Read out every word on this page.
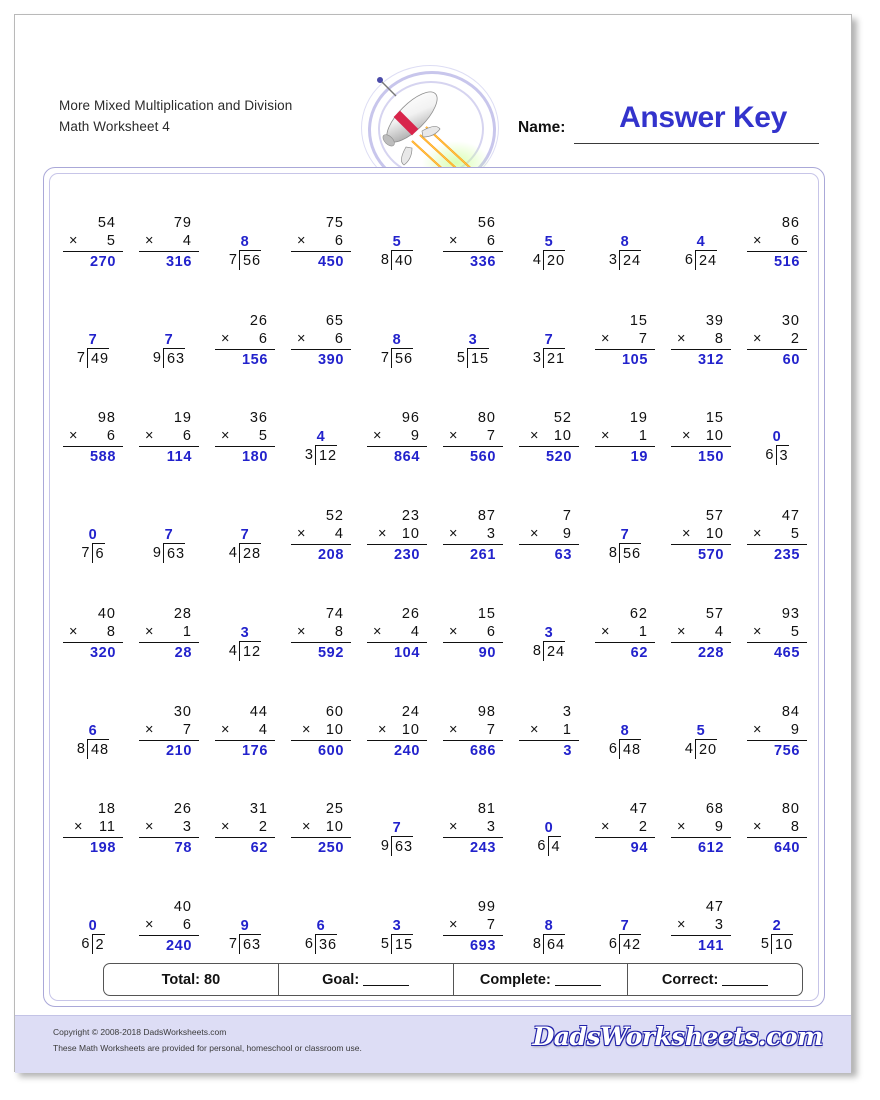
More Mixed Multiplication and Division
Math Worksheet 4	Name:	Answer Key
54
× 5
270
79
× 4
316
8
7 56
75
× 6
450
5
8 40
56
× 6
336
5
4 20
8
3 24
4
6 24
86
× 6
516
7
7 49
7
9 63
26
× 6
156
65
× 6
390
8
7 56
3
5 15
7
3 21
15
× 7
105
39
× 8
312
30
× 2
60
98
× 6
588
19
× 6
114
36
× 5
180
4
3 12
96
× 9
864
80
× 7
560
52
× 10
520
19
× 1
19
15
× 10
150
0
6 3
0
7 6
7
9 63
7
4 28
52
× 4
208
23
× 10
230
87
× 3
261
7
× 9
63
7
8 56
57
× 10
570
47
× 5
235
40
× 8
320
28
× 1
28
3
4 12
74
× 8
592
26
× 4
104
15
× 6
90
3
8 24
62
× 1
62
57
× 4
228
93
× 5
465
6
8 48
30
× 7
210
44
× 4
176
60
× 10
600
24
× 10
240
98
× 7
686
3
× 1
3
8
6 48
5
4 20
84
× 9
756
18
× 11
198
26
× 3
78
31
× 2
62
25
× 10
250
7
9 63
81
× 3
243
0
6 4
47
× 2
94
68
× 9
612
80
× 8
640
0
6 2
40
× 6
240
9
7 63
6
6 36
3
5 15
99
× 7
693
8
8 64
7
6 42
47
× 3
141
2
5 10
Total: 80	Goal:	Complete:	Correct:
Copyright © 2008-2018 DadsWorksheets.com
These Math Worksheets are provided for personal, homeschool or classroom use.	DadsWorksheets.com
